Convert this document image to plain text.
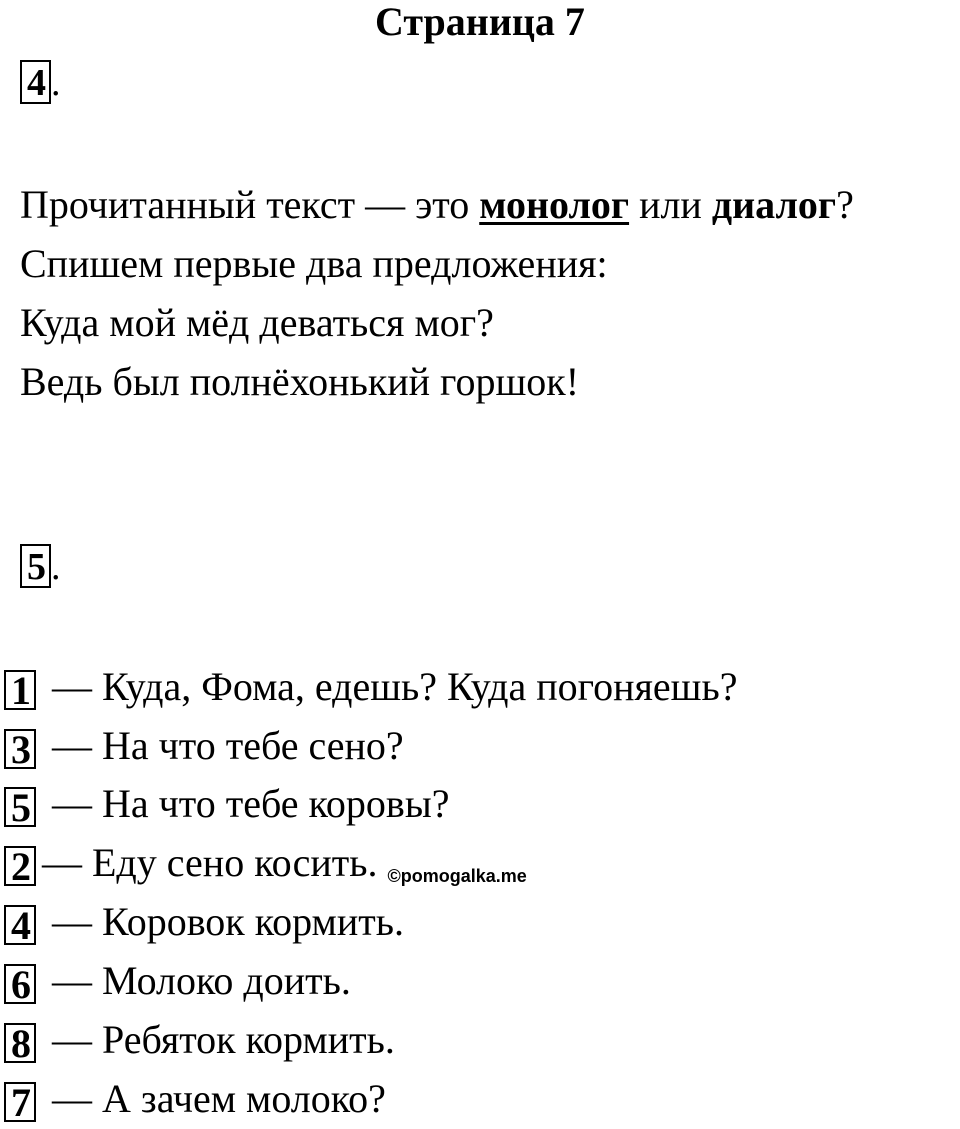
Страница 7
4 .
Прочитанный текст — это монолог или диалог?
Спишем первые два предложения:
Куда мой мёд деваться мог?
Ведь был полнёхонький горшок!
5 .
1 — Куда, Фома, едешь? Куда погоняешь?
3 — На что тебе сено?
5 — На что тебе коровы?
2 — Еду сено косить. ©pomogalka.me
4 — Коровок кормить.
6 — Молоко доить.
8 — Ребяток кормить.
7 — А зачем молоко?
